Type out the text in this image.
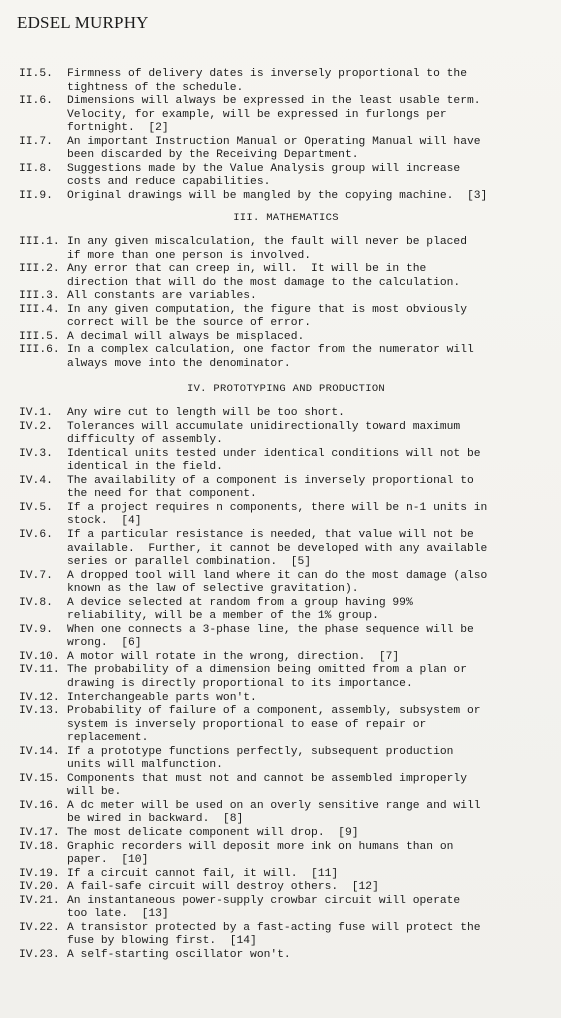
EDSEL MURPHY
II.5.	Firmness of delivery dates is inversely proportional to the
tightness of the schedule.
II.6.	Dimensions will always be expressed in the least usable term.
Velocity, for example, will be expressed in furlongs per
fortnight.  [2]
II.7.	An important Instruction Manual or Operating Manual will have
been discarded by the Receiving Department.
II.8.	Suggestions made by the Value Analysis group will increase
costs and reduce capabilities.
II.9.	Original drawings will be mangled by the copying machine.  [3]
III. MATHEMATICS
III.1. In any given miscalculation, the fault will never be placed
if more than one person is involved.
III.2. Any error that can creep in, will.  It will be in the
direction that will do the most damage to the calculation.
III.3. All constants are variables.
III.4. In any given computation, the figure that is most obviously
correct will be the source of error.
III.5. A decimal will always be misplaced.
III.6. In a complex calculation, one factor from the numerator will
always move into the denominator.
IV. PROTOTYPING AND PRODUCTION
IV.1.	Any wire cut to length will be too short.
IV.2.	Tolerances will accumulate unidirectionally toward maximum
difficulty of assembly.
IV.3.	Identical units tested under identical conditions will not be
identical in the field.
IV.4.	The availability of a component is inversely proportional to
the need for that component.
IV.5.	If a project requires n components, there will be n-1 units in
stock.  [4]
IV.6.	If a particular resistance is needed, that value will not be
available.  Further, it cannot be developed with any available
series or parallel combination.  [5]
IV.7.	A dropped tool will land where it can do the most damage (also
known as the law of selective gravitation).
IV.8.	A device selected at random from a group having 99%
reliability, will be a member of the 1% group.
IV.9.	When one connects a 3-phase line, the phase sequence will be
wrong.  [6]
IV.10. A motor will rotate in the wrong, direction.  [7]
IV.11. The probability of a dimension being omitted from a plan or
drawing is directly proportional to its importance.
IV.12. Interchangeable parts won't.
IV.13. Probability of failure of a component, assembly, subsystem or
system is inversely proportional to ease of repair or
replacement.
IV.14. If a prototype functions perfectly, subsequent production
units will malfunction.
IV.15. Components that must not and cannot be assembled improperly
will be.
IV.16. A dc meter will be used on an overly sensitive range and will
be wired in backward.  [8]
IV.17. The most delicate component will drop.  [9]
IV.18. Graphic recorders will deposit more ink on humans than on
paper.  [10]
IV.19. If a circuit cannot fail, it will.  [11]
IV.20. A fail-safe circuit will destroy others.  [12]
IV.21. An instantaneous power-supply crowbar circuit will operate
too late.  [13]
IV.22. A transistor protected by a fast-acting fuse will protect the
fuse by blowing first.  [14]
IV.23. A self-starting oscillator won't.
